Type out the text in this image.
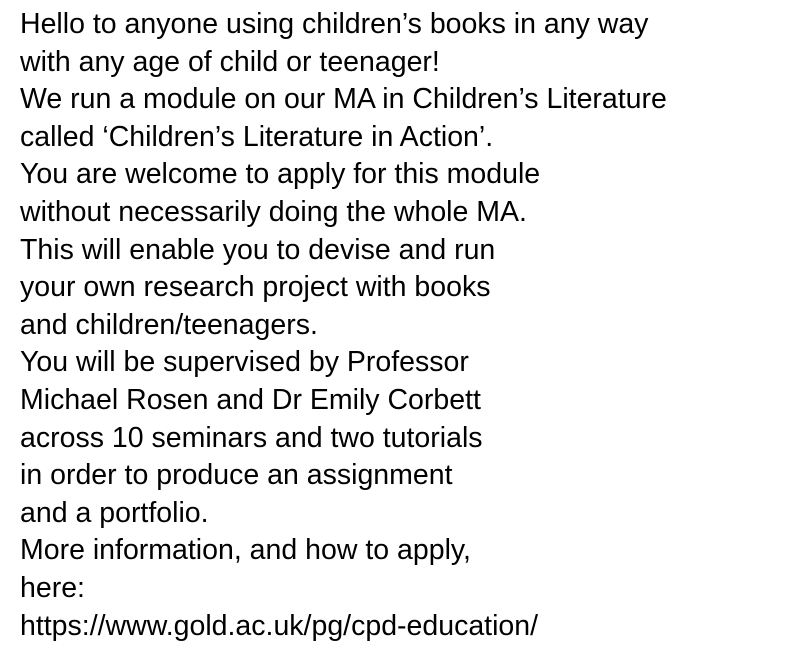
Hello to anyone using children’s books in any way
with any age of child or teenager!
We run a module on our MA in Children’s Literature
called ‘Children’s Literature in Action’.
You are welcome to apply for this module
without necessarily doing the whole MA.
This will enable you to devise and run
your own research project with books
and children/teenagers.
You will be supervised by Professor
Michael Rosen and Dr Emily Corbett
across 10 seminars and two tutorials
in order to produce an assignment
and a portfolio.
More information, and how to apply,
here:
https://www.gold.ac.uk/pg/cpd-education/
